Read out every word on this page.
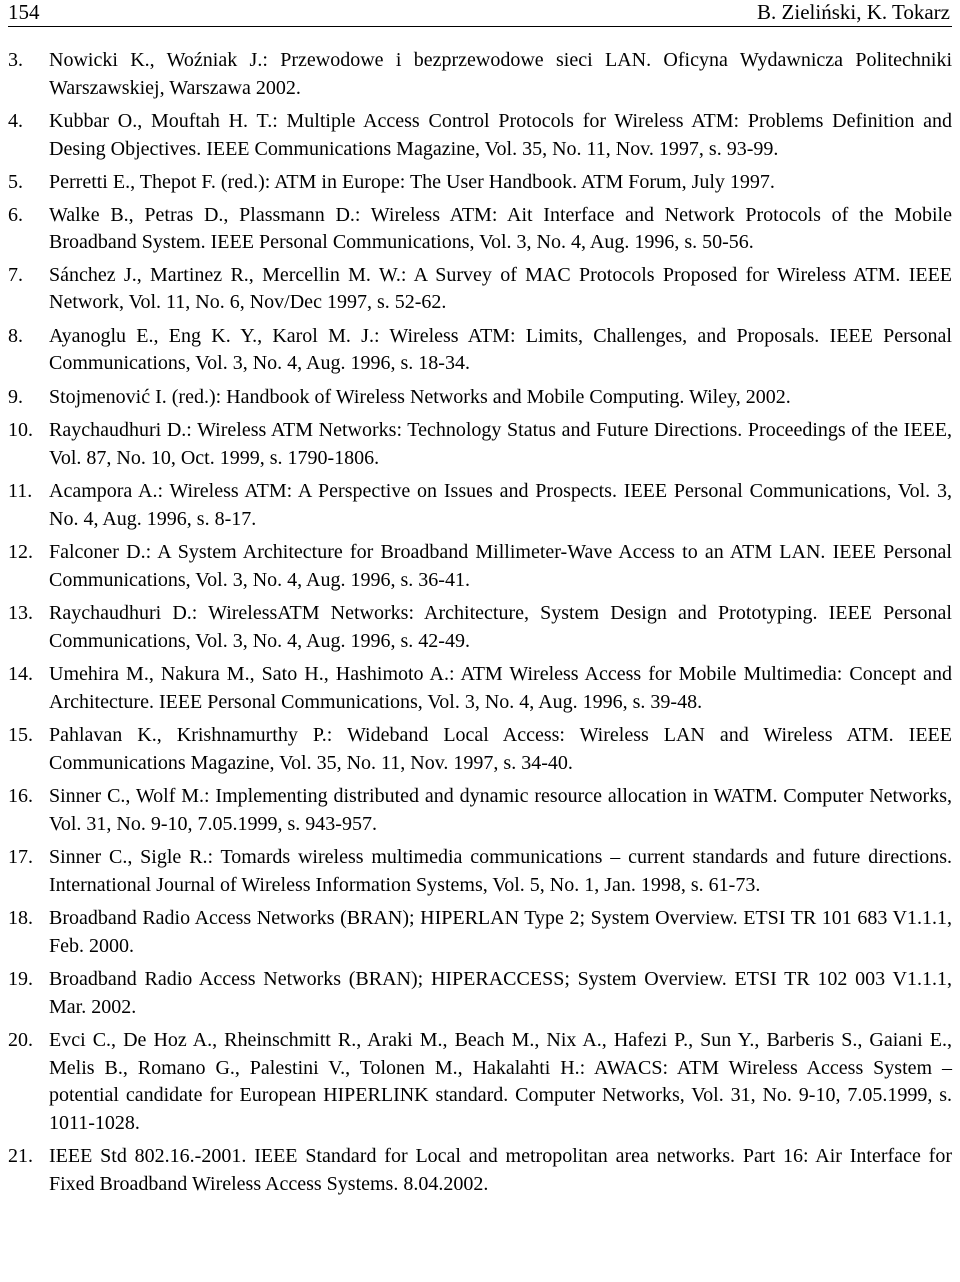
154	B. Zieliński, K. Tokarz
3.	Nowicki K., Woźniak J.: Przewodowe i bezprzewodowe sieci LAN. Oficyna Wydawnicza Politechniki Warszawskiej, Warszawa 2002.
4.	Kubbar O., Mouftah H. T.: Multiple Access Control Protocols for Wireless ATM: Problems Definition and Desing Objectives. IEEE Communications Magazine, Vol. 35, No. 11, Nov. 1997, s. 93-99.
5.	Perretti E., Thepot F. (red.): ATM in Europe: The User Handbook. ATM Forum, July 1997.
6.	Walke B., Petras D., Plassmann D.: Wireless ATM: Ait Interface and Network Protocols of the Mobile Broadband System. IEEE Personal Communications, Vol. 3, No. 4, Aug. 1996, s. 50-56.
7.	Sánchez J., Martinez R., Mercellin M. W.: A Survey of MAC Protocols Proposed for Wireless ATM. IEEE Network, Vol. 11, No. 6, Nov/Dec 1997, s. 52-62.
8.	Ayanoglu E., Eng K. Y., Karol M. J.: Wireless ATM: Limits, Challenges, and Proposals. IEEE Personal Communications, Vol. 3, No. 4, Aug. 1996, s. 18-34.
9.	Stojmenović I. (red.): Handbook of Wireless Networks and Mobile Computing. Wiley, 2002.
10. Raychaudhuri D.: Wireless ATM Networks: Technology Status and Future Directions. Proceedings of the IEEE, Vol. 87, No. 10, Oct. 1999, s. 1790-1806.
11. Acampora A.: Wireless ATM: A Perspective on Issues and Prospects. IEEE Personal Communications, Vol. 3, No. 4, Aug. 1996, s. 8-17.
12. Falconer D.: A System Architecture for Broadband Millimeter-Wave Access to an ATM LAN. IEEE Personal Communications, Vol. 3, No. 4, Aug. 1996, s. 36-41.
13. Raychaudhuri D.: WirelessATM Networks: Architecture, System Design and Prototyping. IEEE Personal Communications, Vol. 3, No. 4, Aug. 1996, s. 42-49.
14. Umehira M., Nakura M., Sato H., Hashimoto A.: ATM Wireless Access for Mobile Multimedia: Concept and Architecture. IEEE Personal Communications, Vol. 3, No. 4, Aug. 1996, s. 39-48.
15. Pahlavan K., Krishnamurthy P.: Wideband Local Access: Wireless LAN and Wireless ATM. IEEE Communications Magazine, Vol. 35, No. 11, Nov. 1997, s. 34-40.
16. Sinner C., Wolf M.: Implementing distributed and dynamic resource allocation in WATM. Computer Networks, Vol. 31, No. 9-10, 7.05.1999, s. 943-957.
17. Sinner C., Sigle R.: Tomards wireless multimedia communications – current standards and future directions. International Journal of Wireless Information Systems, Vol. 5, No. 1, Jan. 1998, s. 61-73.
18. Broadband Radio Access Networks (BRAN); HIPERLAN Type 2; System Overview. ETSI TR 101 683 V1.1.1, Feb. 2000.
19. Broadband Radio Access Networks (BRAN); HIPERACCESS; System Overview. ETSI TR 102 003 V1.1.1, Mar. 2002.
20. Evci C., De Hoz A., Rheinschmitt R., Araki M., Beach M., Nix A., Hafezi P., Sun Y., Barberis S., Gaiani E., Melis B., Romano G., Palestini V., Tolonen M., Hakalahti H.: AWACS: ATM Wireless Access System – potential candidate for European HIPERLINK standard. Computer Networks, Vol. 31, No. 9-10, 7.05.1999, s. 1011-1028.
21. IEEE Std 802.16.-2001. IEEE Standard for Local and metropolitan area networks. Part 16: Air Interface for Fixed Broadband Wireless Access Systems. 8.04.2002.
